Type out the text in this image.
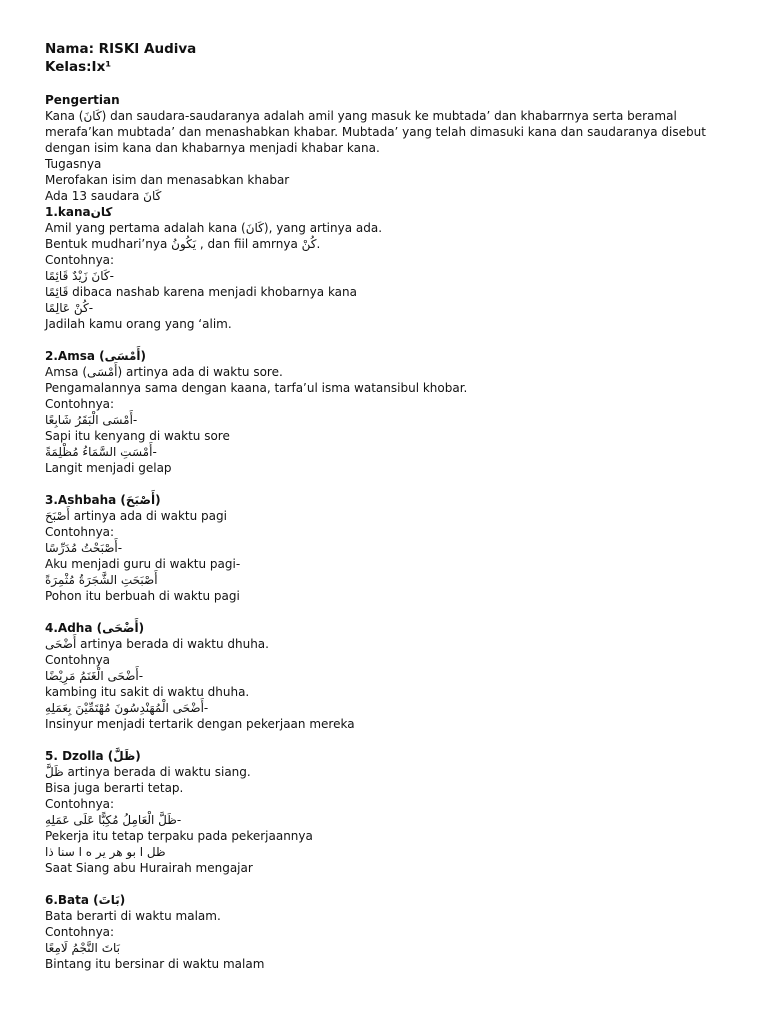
Nama: RISKI Audiva
Kelas:Ix¹
Pengertian
Kana (كَانَ) dan saudara-saudaranya adalah amil yang masuk ke mubtada’ dan khabarrnya serta beramal merafa’kan mubtada’ dan menashabkan khabar. Mubtada’ yang telah dimasuki kana dan saudaranya disebut dengan isim kana dan khabarnya menjadi khabar kana.
Tugasnya
Merofakan isim dan menasabkan khabar
Ada 13 saudara كَانَ
1.kanaكان
Amil yang pertama adalah kana (كَانَ), yang artinya ada.
Bentuk mudhari’nya يَكُونُ , dan fiil amrnya كُنْ.
Contohnya:
كَانَ زَيْدٌ قَائِمًا-
قَائِمًا dibaca nashab karena menjadi khobarnya kana
كُنْ عَالِمًا-
Jadilah kamu orang yang ‘alim.
2.Amsa (أَمْسَى)
Amsa (أَمْسَى) artinya ada di waktu sore.
Pengamalannya sama dengan kaana, tarfa’ul isma watansibul khobar.
Contohnya:
أَمْسَى الْبَقَرُ شَابِعًا-
Sapi itu kenyang di waktu sore
أَمْسَتِ السَّمَاءُ مُظْلِمَةً-
Langit menjadi gelap
3.Ashbaha (أَصْبَحَ)
أَصْبَحَ artinya ada di waktu pagi
Contohnya:
أَصْبَحْتُ مُدَرِّسًا-
Aku menjadi guru di waktu pagi-
أَصْبَحَتِ الشَّجَرَةُ مُثْمِرَةً
Pohon itu berbuah di waktu pagi
4.Adha (أَضْحَى)
أَضْحَى artinya berada di waktu dhuha.
Contohnya
أَضْحَى الْغَنَمُ مَرِيْضًا-
kambing itu sakit di waktu dhuha.
أَضْحَى الْمُهَنْدِسُونَ مُهْتَمِّيْنَ بِعَمَلِهِ-
Insinyur menjadi tertarik dengan pekerjaan mereka
5. Dzolla (ظَلَّ)
ظَلَّ artinya berada di waktu siang.
Bisa juga berarti tetap.
Contohnya:
ظَلَّ الْعَامِلُ مُكِبًّا عَلَى عَمَلِهِ-
Pekerja itu tetap terpaku pada pekerjaannya
ظل ا بو هر ير ه ا سنا ذا
Saat Siang abu Hurairah mengajar
6.Bata (بَاتَ)
Bata berarti di waktu malam.
Contohnya:
بَاتَ النَّجْمُ لَامِعًا
Bintang itu bersinar di waktu malam
